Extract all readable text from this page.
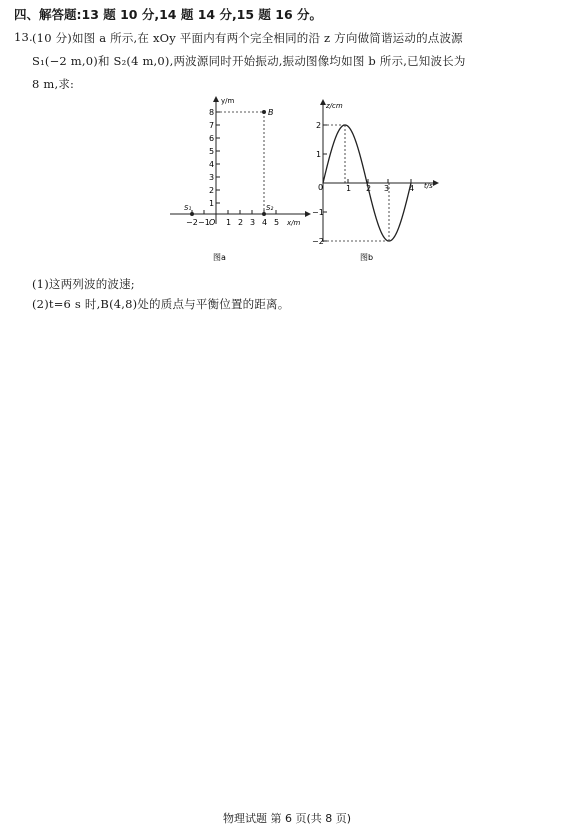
四、解答题:13 题 10 分,14 题 14 分,15 题 16 分。
13. (10 分)如图 a 所示,在 xOy 平面内有两个完全相同的沿 z 方向做简谐运动的点波源
S₁(−2 m,0)和 S₂(4 m,0),两波源同时开始振动,振动图像均如图 b 所示,已知波长为
8 m,求:
y/m
x/m
1
2
3
4
5
6
7
8
−2 −1 O 1 2 3 4 5
B
S₁	S₂
图a
z/cm
t/s
0
2
1
−1
−2
1 2 3 4
图b
(1)这两列波的波速;
(2)t=6 s 时,B(4,8)处的质点与平衡位置的距离。
物理试题 第 6 页(共 8 页)
